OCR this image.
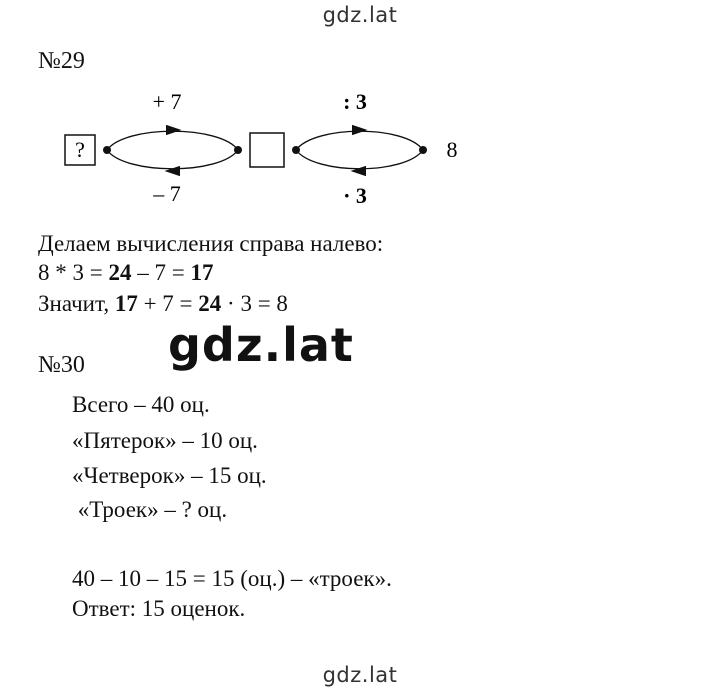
gdz.lat
№29
?
+ 7
– 7
: 3
· 3
8
Делаем вычисления справа налево:
8 * 3 = 24 – 7 = 17
Значит, 17 + 7 = 24 · 3 = 8
gdz.lat
№30
Всего – 40 оц.
«Пятерок» – 10 оц.
«Четверок» – 15 оц.
«Троек» – ? оц.
40 – 10 – 15 = 15 (оц.) – «троек».
Ответ: 15 оценок.
gdz.lat
